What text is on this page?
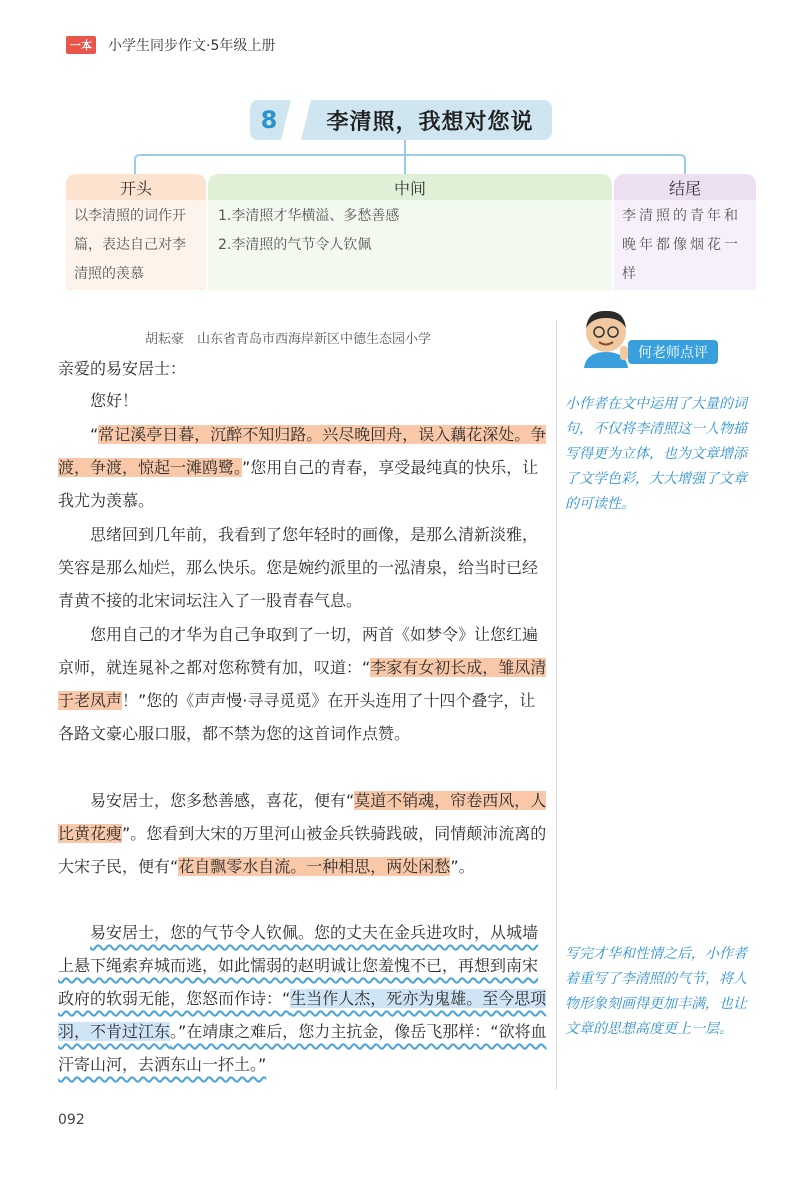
一本 小学生同步作文·5年级上册
8	李清照，我想对您说
开头	中间	结尾
以李清照的词作开篇，表达自己对李清照的羡慕
1.李清照才华横溢、多愁善感
2.李清照的气节令人钦佩
李清照的青年和晚年都像烟花一样
胡耘豪　山东省青岛市西海岸新区中德生态园小学
何老师点评

亲爱的易安居士：

您好！

“常记溪亭日暮，沉醉不知归路。兴尽晚回舟，误入藕花深处。争渡，争渡，惊起一滩鸥鹭。”您用自己的青春，享受最纯真的快乐，让我尤为羡慕。

思绪回到几年前，我看到了您年轻时的画像，是那么清新淡雅，笑容是那么灿烂，那么快乐。您是婉约派里的一泓清泉，给当时已经青黄不接的北宋词坛注入了一股青春气息。

您用自己的才华为自己争取到了一切，两首《如梦令》让您红遍京师，就连晁补之都对您称赞有加，叹道：“李家有女初长成，雏凤清于老凤声！”您的《声声慢·寻寻觅觅》在开头连用了十四个叠字，让各路文豪心服口服，都不禁为您的这首词作点赞。

易安居士，您多愁善感，喜花，便有“莫道不销魂，帘卷西风，人比黄花瘦”。您看到大宋的万里河山被金兵铁骑践破，同情颠沛流离的大宋子民，便有“花自飘零水自流。一种相思，两处闲愁”。

易安居士，您的气节令人钦佩。您的丈夫在金兵进攻时，从城墙上悬下绳索弃城而逃，如此懦弱的赵明诚让您羞愧不已，再想到南宋政府的软弱无能，您怒而作诗：“生当作人杰，死亦为鬼雄。至今思项羽，不肯过江东。”在靖康之难后，您力主抗金，像岳飞那样：“欲将血汗寄山河，去洒东山一抔土。”

小作者在文中运用了大量的词句，不仅将李清照这一人物描写得更为立体，也为文章增添了文学色彩，大大增强了文章的可读性。
写完才华和性情之后，小作者着重写了李清照的气节，将人物形象刻画得更加丰满，也让文章的思想高度更上一层。
092
